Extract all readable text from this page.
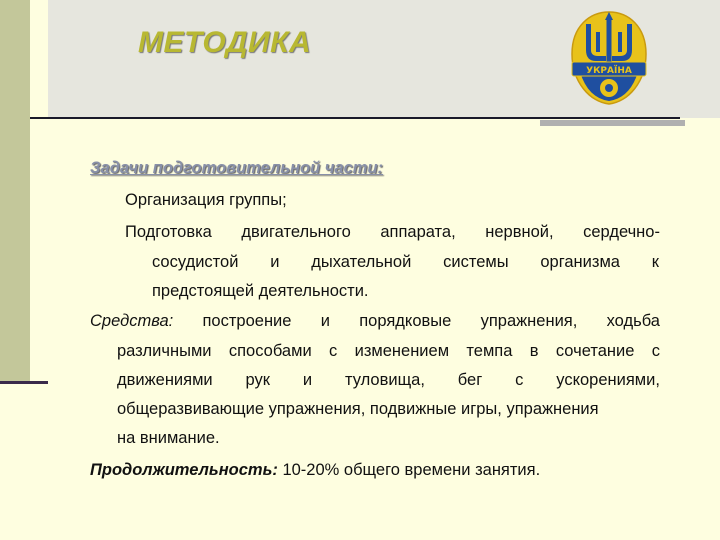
МЕТОДИКА
УКРАЇНА
Задачи подготовительной части:
Организация группы;
Подготовка двигательного аппарата, нервной, сердечно-
сосудистой и дыхательной системы организма к
предстоящей деятельности.
Средства: построение и порядковые упражнения, ходьба
различными способами с изменением темпа в сочетание с
движениями рук и туловища, бег с ускорениями,
общеразвивающие упражнения, подвижные игры, упражнения
на внимание.
Продолжительность: 10-20% общего времени занятия.
